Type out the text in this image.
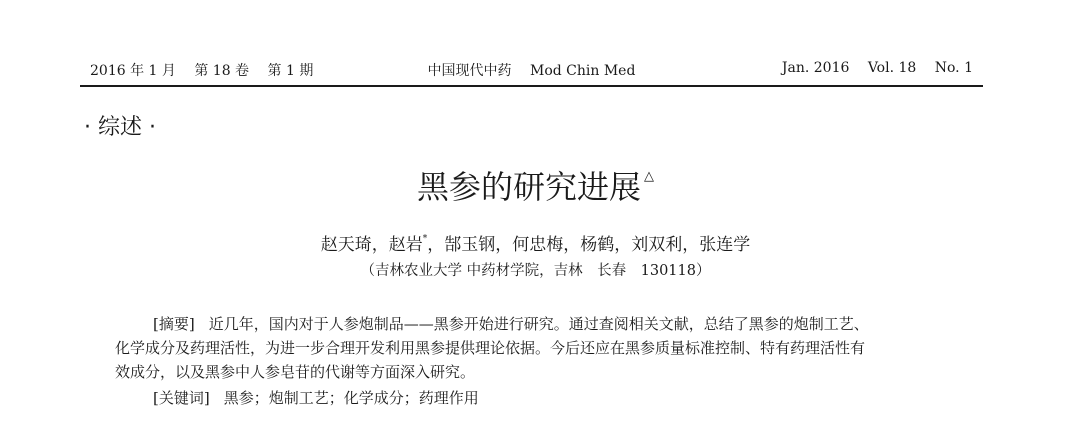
2016 年 1 月 第 18 卷 第 1 期	中国现代中药 Mod Chin Med	Jan. 2016 Vol. 18 No. 1
· 综述 ·
黑参的研究进展 △
赵天琦，赵岩*，郜玉钢，何忠梅，杨鹤，刘双利，张连学
（吉林农业大学 中药材学院，吉林　长春　130118）
[摘要] 近几年，国内对于人参炮制品——黑参开始进行研究。通过查阅相关文献，总结了黑参的炮制工艺、
化学成分及药理活性，为进一步合理开发利用黑参提供理论依据。今后还应在黑参质量标准控制、特有药理活性有
效成分，以及黑参中人参皂苷的代谢等方面深入研究。
[关键词] 黑参；炮制工艺；化学成分；药理作用
